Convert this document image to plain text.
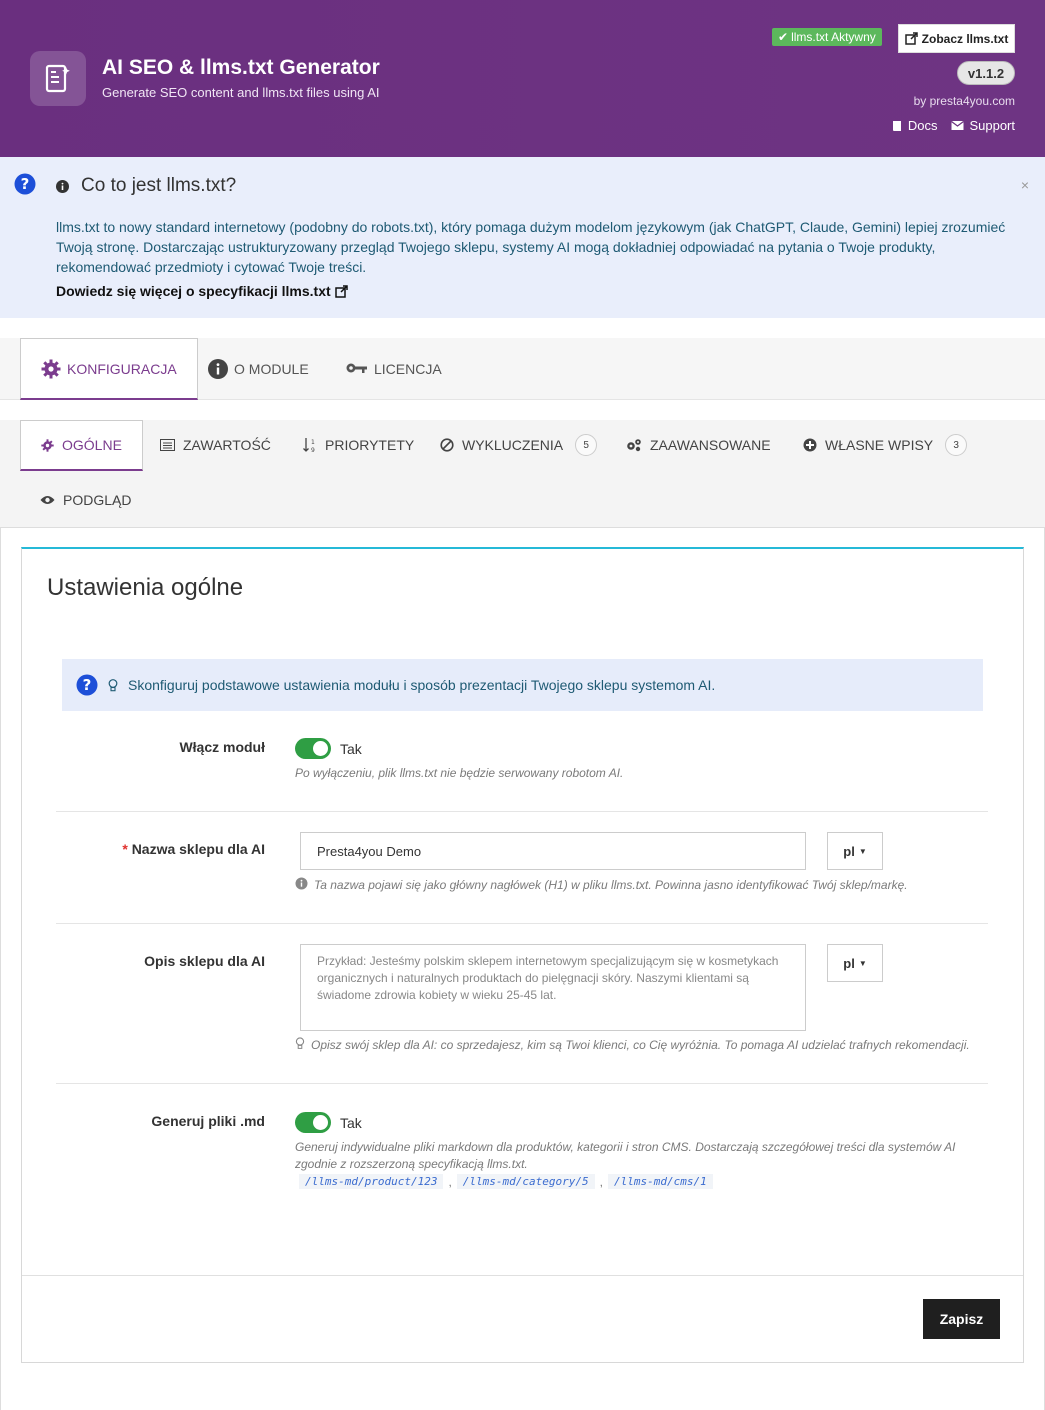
AI SEO & llms.txt Generator
Generate SEO content and llms.txt files using AI
✔ llms.txt Aktywny	Zobacz llms.txt
v1.1.2
by presta4you.com
Docs Support
?	Co to jest llms.txt?	×
llms.txt to nowy standard internetowy (podobny do robots.txt), który pomaga dużym modelom językowym (jak ChatGPT, Claude, Gemini) lepiej zrozumieć Twoją stronę. Dostarczając ustrukturyzowany przegląd Twojego sklepu, systemy AI mogą dokładniej odpowiadać na pytania o Twoje produkty, rekomendować przedmioty i cytować Twoje treści.
Dowiedz się więcej o specyfikacji llms.txt
KONFIGURACJA	O MODULE	LICENCJA
OGÓLNE	ZAWARTOŚĆ	1
9 PRIORYTETY	WYKLUCZENIA	5	ZAAWANSOWANE	WŁASNE WPISY	3
PODGLĄD
Ustawienia ogólne
?	Skonfiguruj podstawowe ustawienia modułu i sposób prezentacji Twojego sklepu systemom AI.
Włącz moduł	Tak
Po wyłączeniu, plik llms.txt nie będzie serwowany robotom AI.
* Nazwa sklepu dla AI	Presta4you Demo	pl ▼
Ta nazwa pojawi się jako główny nagłówek (H1) w pliku llms.txt. Powinna jasno identyfikować Twój sklep/markę.
Opis sklepu dla AI	Przykład: Jesteśmy polskim sklepem internetowym specjalizującym się w kosmetykach organicznych i naturalnych produktach do pielęgnacji skóry. Naszymi klientami są świadome zdrowia kobiety w wieku 25-45 lat.
pl ▼
Opisz swój sklep dla AI: co sprzedajesz, kim są Twoi klienci, co Cię wyróżnia. To pomaga AI udzielać trafnych rekomendacji.
Generuj pliki .md	Tak
Generuj indywidualne pliki markdown dla produktów, kategorii i stron CMS. Dostarczają szczegółowej treści dla systemów AI zgodnie z rozszerzoną specyfikacją llms.txt.
/llms-md/product/123 ,	/llms-md/category/5 ,	/llms-md/cms/1
Zapisz
